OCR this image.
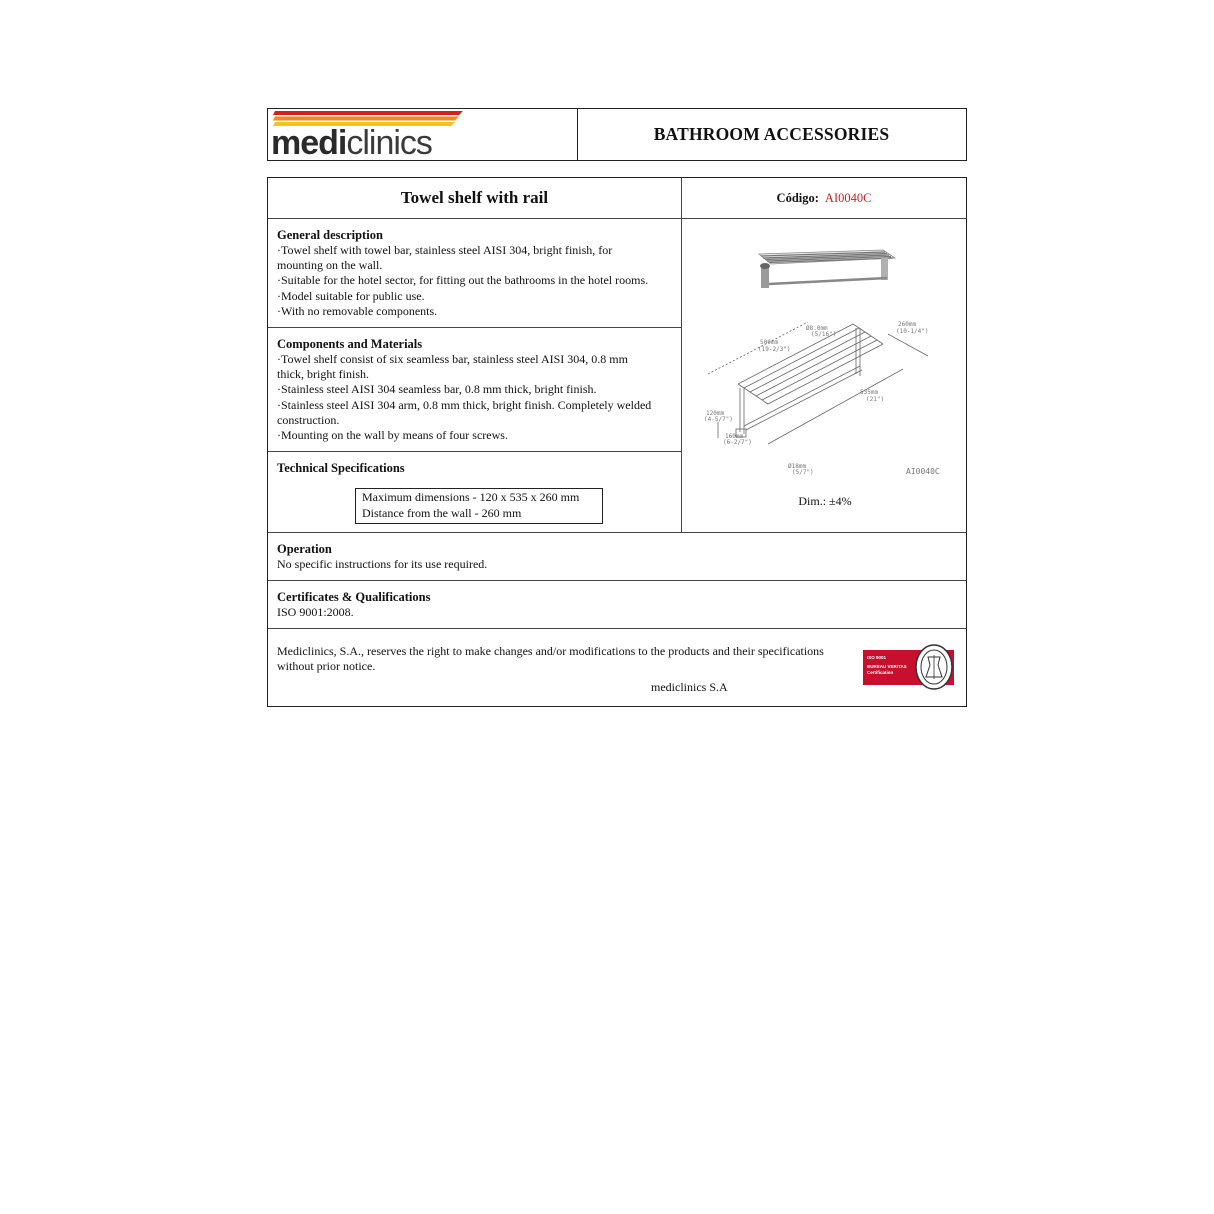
mediclinics	BATHROOM ACCESSORIES
Towel shelf with rail	Código: AI0040C
General description
·Towel shelf with towel bar, stainless steel AISI 304, bright finish, for
mounting on the wall.
·Suitable for the hotel sector, for fitting out the bathrooms in the hotel rooms.
·Model suitable for public use.
·With no removable components.
Components and Materials
·Towel shelf consist of six seamless bar, stainless steel AISI 304, 0.8 mm
thick, bright finish.
·Stainless steel AISI 304 seamless bar, 0.8 mm thick, bright finish.
·Stainless steel AISI 304 arm, 0.8 mm thick, bright finish. Completely welded
construction.
·Mounting on the wall by means of four screws.
Technical Specifications
Maximum dimensions - 120 x 535 x 260 mm
Distance from the wall - 260 mm
500mm
(19-2/3")
Ø8.0mm
(5/16")
260mm
(10-1/4")
535mm
(21")
120mm
(4-5/7")
160mm
(6-2/7")
Ø18mm
(5/7")	AI0040C
Dim.: ±4%
Operation
No specific instructions for its use required.
Certificates & Qualifications
ISO 9001:2008.
Mediclinics, S.A., reserves the right to make changes and/or modifications to the products and their specifications
without prior notice.
mediclinics S.A
ISO 9001
BUREAU VERITAS
Certification
